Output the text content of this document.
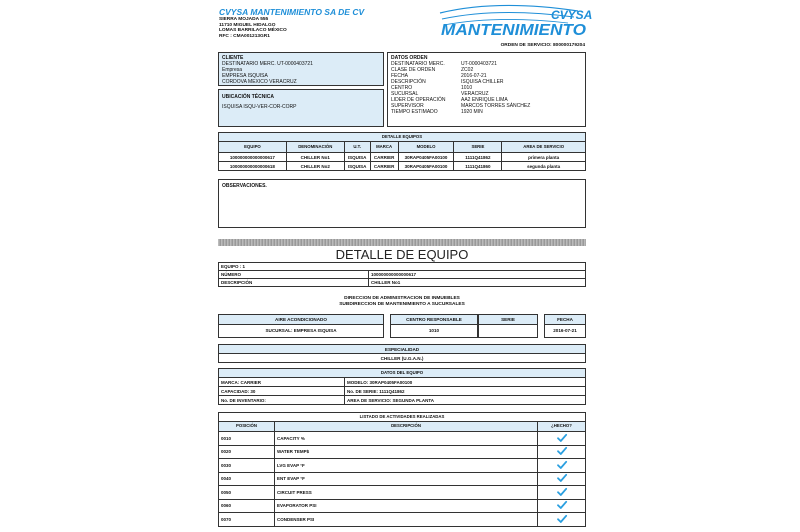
CVYSA MANTENIMIENTO SA DE CV
SIERRA MOJADA 555
11710 MIGUEL HIDALGO
LOMAS BARRILACO MÉXICO
RFC : CMA001213GR1
CVYSA
MANTENIMIENTO
ORDEN DE SERVICIO: 800000179204
CLIENTE
DESTINATARIO MERC. UT-0000403721
Empresa
EMPRESA ISQUISA
CORDOVA MEXICO VERACRUZ
UBICACIÓN TÉCNICA
ISQUISA ISQU-VER-COR-CORP
DATOS ORDEN
DESTINATARIO MERC.	UT-0000403721
CLASE DE ORDEN	ZC02
FECHA	2016-07-21
DESCRIPCIÓN	ISQUISA CHILLER
CENTRO	1010
SUCURSAL	VERACRUZ
LIDER DE OPERACIÓN	AA2 ENRIQUE LIMA
SUPERVISOR	MARCOS TORRES SÁNCHEZ
TIEMPO ESTIMADO	1920 MIN
DETALLE EQUIPOS						
EQUIPO	DENOMINACIÓN	U.T.	MARCA	MODELO	SERIE	AREA DE SERVICIO
100000000000000617	CHILLER No1	ISQUISA	CARRIER	30RAP0405FA00100	1111Q41862	primera planta
100000000000000618	CHILLER No2	ISQUISA	CARRIER	30RAP0405FA00100	1111Q41860	segunda planta
OBSERVACIONES.
DETALLE DE EQUIPO
EQUIPO : 1	
NÚMERO	100000000000000617
DESCRIPCIÓN	CHILLER No1
DIRECCION DE ADMINISTRACION DE INMUEBLES
SUBDIRECCION DE MANTENIMIENTO A SUCURSALES
AIRE ACONDICIONADO
SUCURSAL: EMPRESA ISQUISA
CENTRO RESPONSABLE
1010
SERIE	FECHA
2016-07-21
ESPECIALIDAD
CHILLER (U.G.A.N.)
DATOS DEL EQUIPO	
MARCA: CARRIER	MODELO: 30RAP0405FA00100
CAPACIDAD: 30	No. DE SERIE: 1111Q41862
No. DE INVENTARIO:	AREA DE SERVICIO: SEGUNDA PLANTA
LISTADO DE ACTIVIDADES REALIZADAS		
POSICIÓN	DESCRIPCIÓN	¿HECHO?
0010	CAPACITY %	
0020	WATER TEMP$	
0030	LVG EVAP °F	
0040	ENT EVAP °F	
0050	CIRCUIT PRESS	
0060	EVAPORATOR PSI	
0070	CONDENSER PSI	
